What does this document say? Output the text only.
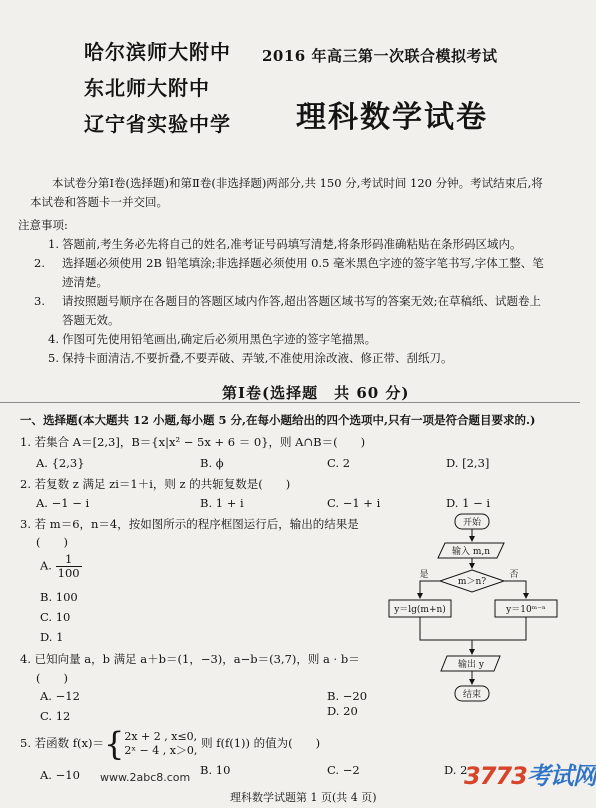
哈尔滨师大附中
东北师大附中
辽宁省实验中学
2016 年高三第一次联合模拟考试
理科数学试卷
本试卷分第Ⅰ卷(选择题)和第Ⅱ卷(非选择题)两部分,共 150 分,考试时间 120 分钟。考试结束后,将本试卷和答题卡一并交回。
注意事项:
1. 答题前,考生务必先将自己的姓名,准考证号码填写清楚,将条形码准确粘贴在条形码区域内。
2. 选择题必须使用 2B 铅笔填涂;非选择题必须使用 0.5 毫米黑色字迹的签字笔书写,字体工整、笔迹清楚。
3. 请按照题号顺序在各题目的答题区域内作答,超出答题区域书写的答案无效;在草稿纸、试题卷上答题无效。
4. 作图可先使用铅笔画出,确定后必须用黑色字迹的签字笔描黑。
5. 保持卡面清洁,不要折叠,不要弄破、弄皱,不准使用涂改液、修正带、刮纸刀。
第Ⅰ卷(选择题　共 60 分)
一、选择题(本大题共 12 小题,每小题 5 分,在每小题给出的四个选项中,只有一项是符合题目要求的.)
1. 若集合 A＝[2,3]，B＝{x|x² − 5x + 6 ＝ 0}，则 A∩B＝(　　)
A. {2,3}	B. ϕ	C. 2	D. [2,3]
2. 若复数 z 满足 zi＝1＋i，则 z 的共轭复数是(　　)
A. −1 − i	B. 1 + i	C. −1 + i	D. 1 − i
3. 若 m＝6，n＝4，按如图所示的程序框图运行后，输出的结果是
(　　)
A. $\frac{1}{100}$
B. 100
C. 10
D. 1
4. 已知向量 a，b 满足 a＋b＝(1，−3)，a−b＝(3,7)，则 a · b＝
(　　)
A. −12	B. −20
C. 12	D. 20
5. 若函数 f(x)＝{ 2x + 2 , x≤0,
2ˣ − 4 , x＞0,
则 f(f(1)) 的值为(　　)
A. −10	B. 10	C. −2	D. 2
开始
输入 m,n
m＞n?
是	否
y＝lg(m+n)	y＝10ᵐ⁻ⁿ
输出 y
结束
www.2abc8.com	3773考试网
理科数学试题第 1 页(共 4 页)
